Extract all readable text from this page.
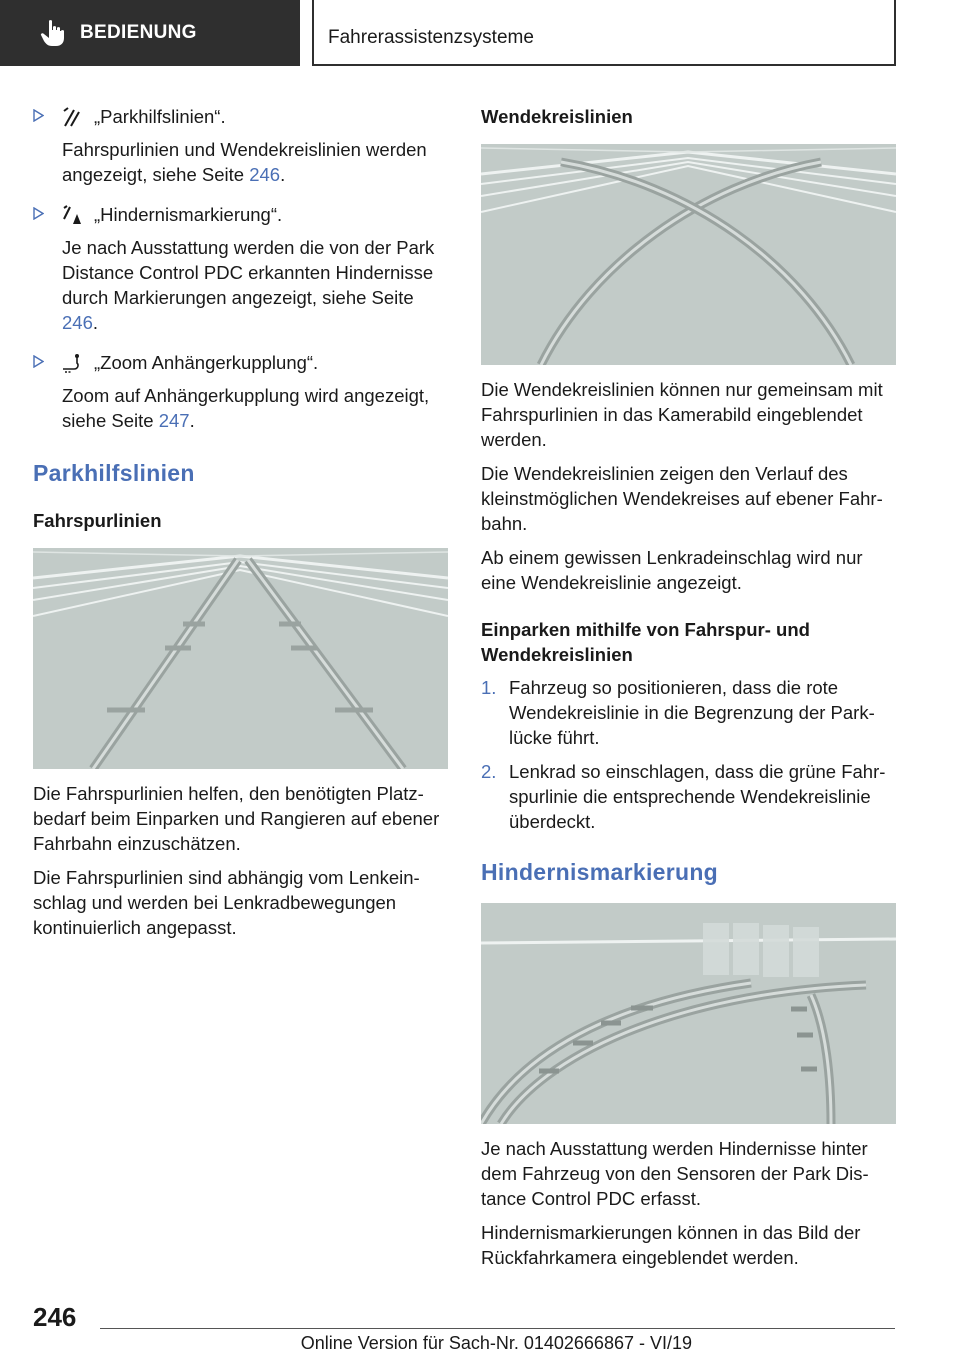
BEDIENUNG	Fahrerassistenzsysteme
„Parkhilfslinien“.

Fahrspurlinien und Wendekreislinien werden angezeigt, siehe Seite 246.

„Hindernismarkierung“.

Je nach Ausstattung werden die von der Park Distance Control PDC erkannten Hindernisse durch Markierungen angezeigt, siehe Seite 246.

„Zoom Anhängerkupplung“.

Zoom auf Anhängerkupplung wird angezeigt, siehe Seite 247.

Parkhilfslinien
Fahrspurlinien

Die Fahrspurlinien helfen, den benötigten Platzbedarf beim Einparken und Rangieren auf ebener Fahrbahn einzuschätzen.

Die Fahrspurlinien sind abhängig vom Lenkeinschlag und werden bei Lenkradbewegungen kontinuierlich angepasst.

Wendekreislinien

Die Wendekreislinien können nur gemeinsam mit Fahrspurlinien in das Kamerabild eingeblendet werden.

Die Wendekreislinien zeigen den Verlauf des kleinstmöglichen Wendekreises auf ebener Fahrbahn.

Ab einem gewissen Lenkradeinschlag wird nur eine Wendekreislinie angezeigt.

Einparken mithilfe von Fahrspur- und Wendekreislinien
1. Fahrzeug so positionieren, dass die rote Wendekreislinie in die Begrenzung der Parklücke führt.
2. Lenkrad so einschlagen, dass die grüne Fahrspurlinie die entsprechende Wendekreislinie überdeckt.
Hindernismarkierung

Je nach Ausstattung werden Hindernisse hinter dem Fahrzeug von den Sensoren der Park Distance Control PDC erfasst.

Hindernismarkierungen können in das Bild der Rückfahrkamera eingeblendet werden.

246
Online Version für Sach-Nr. 01402666867 - VI/19
